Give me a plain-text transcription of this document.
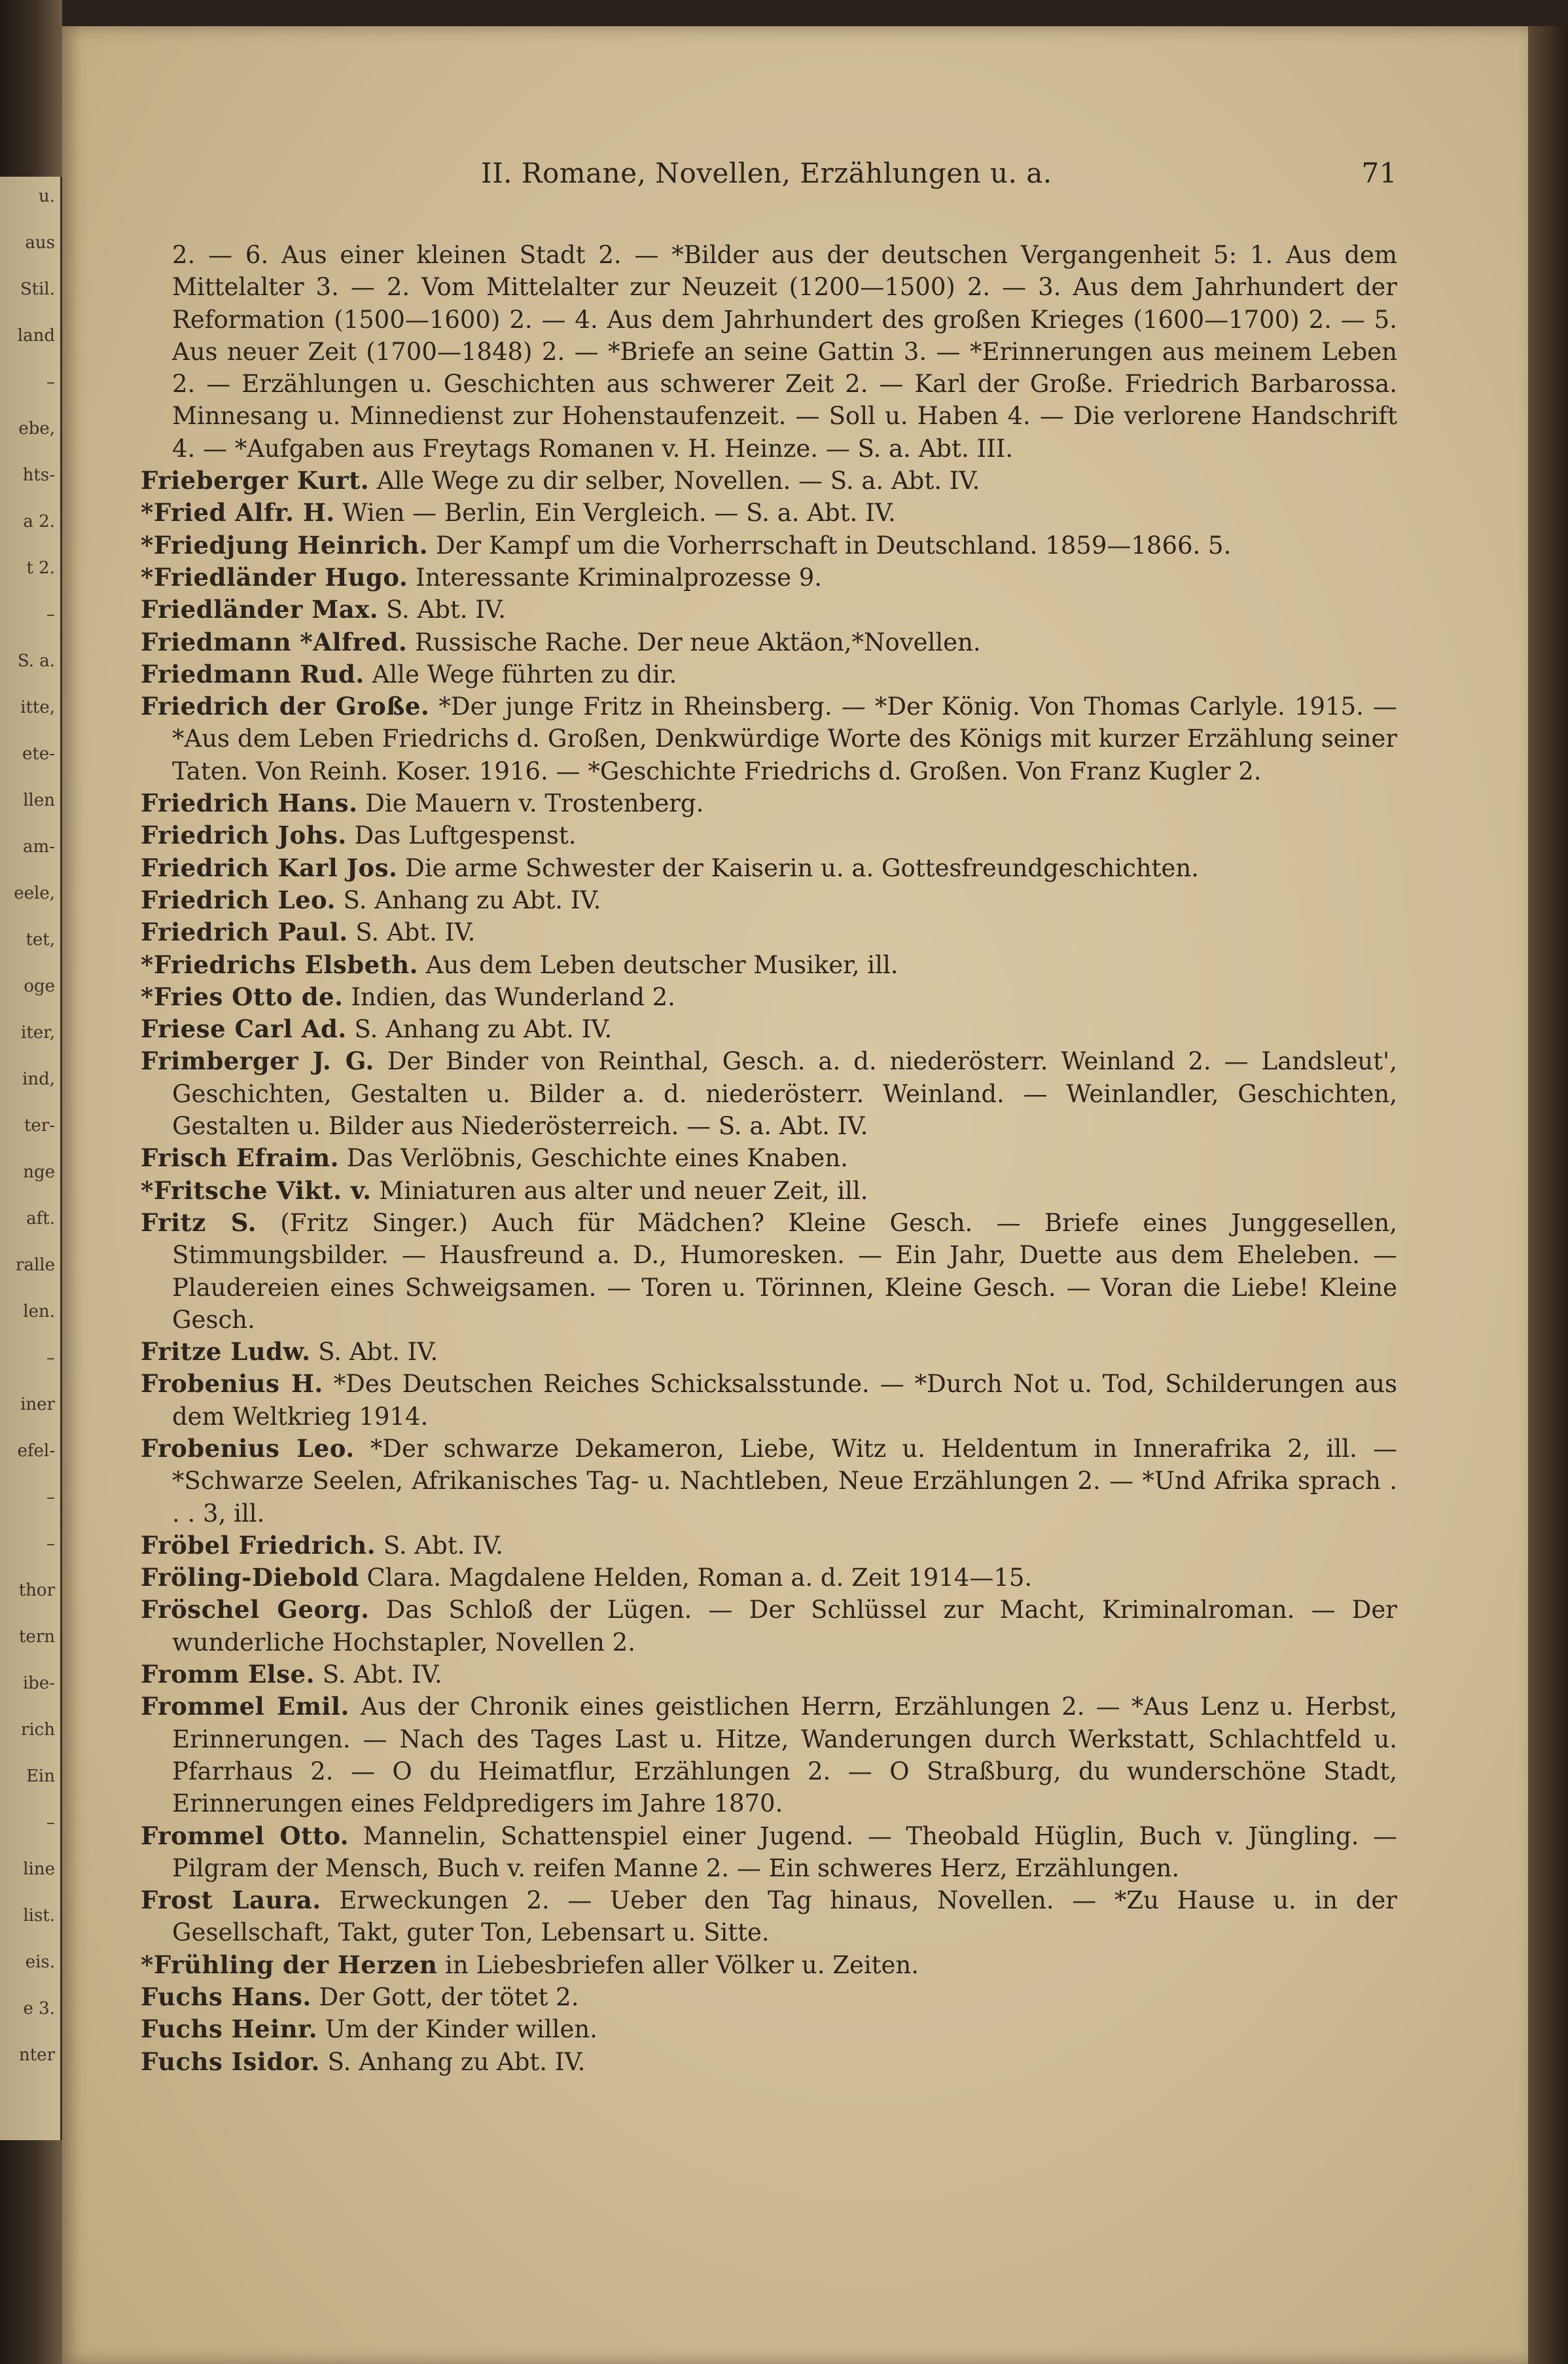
u.
aus
Stil.
land
–
ebe,
hts-
a 2.
t 2.
–
S. a.
itte,
ete-
llen
am-
eele,
tet,
oge
iter,
ind,
ter-
nge
aft.
ralle
len.
–
iner
efel-
–
–
thor
tern
ibe-
rich
Ein
–
line
list.
eis.
e 3.
nter
II. Romane, Novellen, Erzählungen u. a.	71

2. — 6. Aus einer kleinen Stadt 2. — *Bilder aus der deutschen Vergangenheit 5: 1. Aus dem Mittelalter 3. — 2. Vom Mittelalter zur Neuzeit (1200—1500) 2. — 3. Aus dem Jahrhundert der Reformation (1500—1600) 2. — 4. Aus dem Jahrhundert des großen Krieges (1600—1700) 2. — 5. Aus neuer Zeit (1700—1848) 2. — *Briefe an seine Gattin 3. — *Erinnerungen aus meinem Leben 2. — Erzählungen u. Geschichten aus schwerer Zeit 2. — Karl der Große. Friedrich Barbarossa. Minnesang u. Minnedienst zur Hohenstaufenzeit. — Soll u. Haben 4. — Die verlorene Handschrift 4. — *Aufgaben aus Freytags Romanen v. H. Heinze. — S. a. Abt. III.

Frieberger Kurt. Alle Wege zu dir selber, Novellen. — S. a. Abt. IV.

*Fried Alfr. H. Wien — Berlin, Ein Vergleich. — S. a. Abt. IV.

*Friedjung Heinrich. Der Kampf um die Vorherrschaft in Deutschland. 1859—1866. 5.

*Friedländer Hugo. Interessante Kriminalprozesse 9.

Friedländer Max. S. Abt. IV.

Friedmann *Alfred. Russische Rache. Der neue Aktäon,*Novellen.

Friedmann Rud. Alle Wege führten zu dir.

Friedrich der Große. *Der junge Fritz in Rheinsberg. — *Der König. Von Thomas Carlyle. 1915. — *Aus dem Leben Friedrichs d. Großen, Denkwürdige Worte des Königs mit kurzer Erzählung seiner Taten. Von Reinh. Koser. 1916. — *Geschichte Friedrichs d. Großen. Von Franz Kugler 2.

Friedrich Hans. Die Mauern v. Trostenberg.

Friedrich Johs. Das Luftgespenst.

Friedrich Karl Jos. Die arme Schwester der Kaiserin u. a. Gottesfreundgeschichten.

Friedrich Leo. S. Anhang zu Abt. IV.

Friedrich Paul. S. Abt. IV.

*Friedrichs Elsbeth. Aus dem Leben deutscher Musiker, ill.

*Fries Otto de. Indien, das Wunderland 2.

Friese Carl Ad. S. Anhang zu Abt. IV.

Frimberger J. G. Der Binder von Reinthal, Gesch. a. d. niederösterr. Weinland 2. — Landsleut', Geschichten, Gestalten u. Bilder a. d. niederösterr. Weinland. — Weinlandler, Geschichten, Gestalten u. Bilder aus Niederösterreich. — S. a. Abt. IV.

Frisch Efraim. Das Verlöbnis, Geschichte eines Knaben.

*Fritsche Vikt. v. Miniaturen aus alter und neuer Zeit, ill.

Fritz S. (Fritz Singer.) Auch für Mädchen? Kleine Gesch. — Briefe eines Junggesellen, Stimmungsbilder. — Hausfreund a. D., Humoresken. — Ein Jahr, Duette aus dem Eheleben. — Plaudereien eines Schweigsamen. — Toren u. Törinnen, Kleine Gesch. — Voran die Liebe! Kleine Gesch.

Fritze Ludw. S. Abt. IV.

Frobenius H. *Des Deutschen Reiches Schicksalsstunde. — *Durch Not u. Tod, Schilderungen aus dem Weltkrieg 1914.

Frobenius Leo. *Der schwarze Dekameron, Liebe, Witz u. Heldentum in Innerafrika 2, ill. — *Schwarze Seelen, Afrikanisches Tag- u. Nachtleben, Neue Erzählungen 2. — *Und Afrika sprach . . . 3, ill.

Fröbel Friedrich. S. Abt. IV.

Fröling-Diebold Clara. Magdalene Helden, Roman a. d. Zeit 1914—15.

Fröschel Georg. Das Schloß der Lügen. — Der Schlüssel zur Macht, Kriminalroman. — Der wunderliche Hochstapler, Novellen 2.

Fromm Else. S. Abt. IV.

Frommel Emil. Aus der Chronik eines geistlichen Herrn, Erzählungen 2. — *Aus Lenz u. Herbst, Erinnerungen. — Nach des Tages Last u. Hitze, Wanderungen durch Werkstatt, Schlachtfeld u. Pfarrhaus 2. — O du Heimatflur, Erzählungen 2. — O Straßburg, du wunderschöne Stadt, Erinnerungen eines Feldpredigers im Jahre 1870.

Frommel Otto. Mannelin, Schattenspiel einer Jugend. — Theobald Hüglin, Buch v. Jüngling. — Pilgram der Mensch, Buch v. reifen Manne 2. — Ein schweres Herz, Erzählungen.

Frost Laura. Erweckungen 2. — Ueber den Tag hinaus, Novellen. — *Zu Hause u. in der Gesellschaft, Takt, guter Ton, Lebensart u. Sitte.

*Frühling der Herzen in Liebesbriefen aller Völker u. Zeiten.

Fuchs Hans. Der Gott, der tötet 2.

Fuchs Heinr. Um der Kinder willen.

Fuchs Isidor. S. Anhang zu Abt. IV.
